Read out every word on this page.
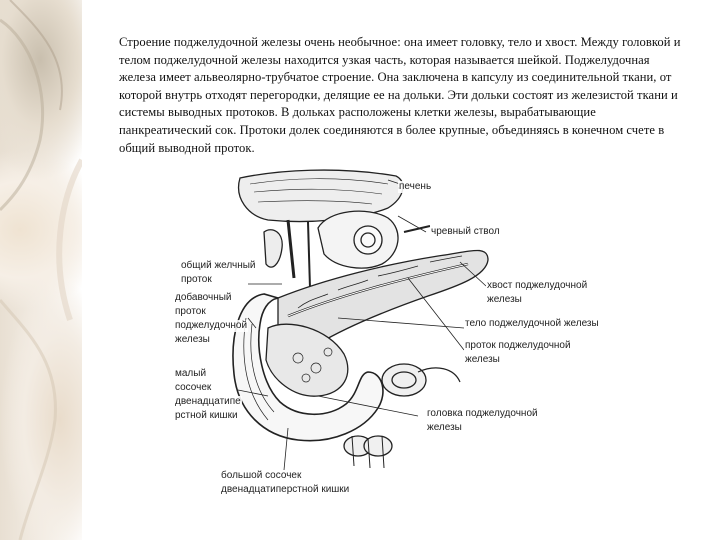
Строение поджелудочной железы очень необычное: она имеет головку, тело и хвост. Между головкой и телом поджелудочной железы находится узкая часть, которая называется шейкой. Поджелудочная железа имеет альвеолярно-трубчатое строение. Она заключена в капсулу из соединительной ткани, от которой внутрь отходят перегородки, делящие ее на дольки. Эти дольки состоят из железистой ткани и системы выводных протоков. В дольках расположены клетки железы, вырабатывающие панкреатический сок. Протоки долек соединяются в более крупные, объединяясь в конечном счете в общий выводной проток.

печень
чревный ствол
общий желчный
проток
хвост поджелудочной
железы
добавочный
проток
поджелудочной
железы
тело поджелудочной железы
проток поджелудочной
железы
малый
сосочек
двенадцатипе
рстной кишки	головка поджелудочной
железы
большой сосочек
двенадцатиперстной кишки
